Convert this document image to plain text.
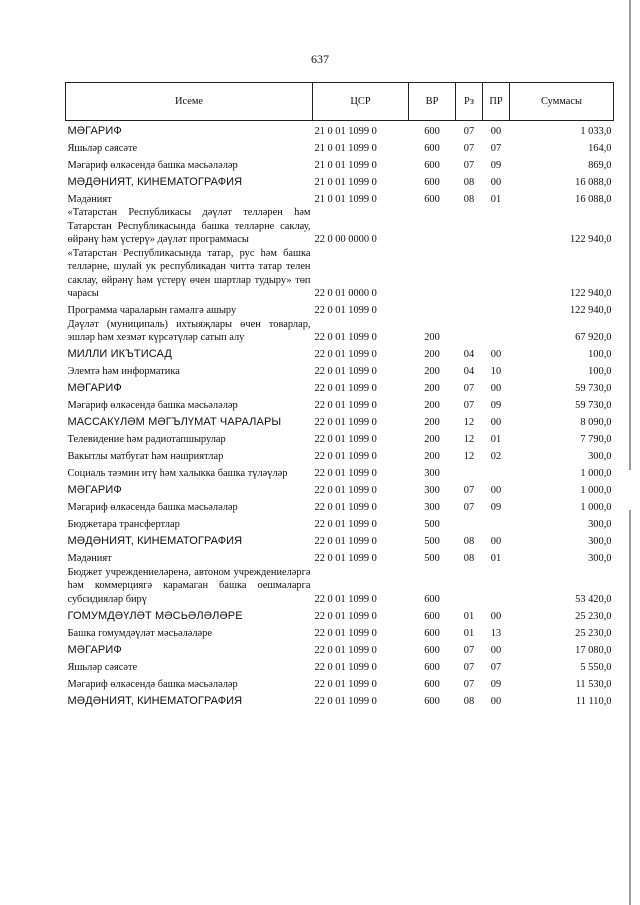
637
Исеме	ЦСР	ВР	Рз	ПР	Суммасы
МӘГАРИФ	21 0 01 1099 0	600	07	00	1 033,0
Яшьләр сәясәте	21 0 01 1099 0	600	07	07	164,0
Мәгариф өлкәсендә башка мәсьәләләр	21 0 01 1099 0	600	07	09	869,0
МӘДӘНИЯТ, КИНЕМАТОГРАФИЯ	21 0 01 1099 0	600	08	00	16 088,0
Мәдәният	21 0 01 1099 0	600	08	01	16 088,0
«Татарстан Республикасы дәүләт телләрен һәм Татарстан Республикасында башка телләрне саклау, өйрәнү һәм үстерү» дәүләт программасы	22 0 00 0000 0				122 940,0
«Татарстан Республикасында татар, рус һәм башка телләрне, шулай ук республикадан читтә татар телен саклау, өйрәнү һәм үстерү өчен шартлар тудыру» төп чарасы	22 0 01 0000 0				122 940,0
Программа чараларын гамәлгә ашыру	22 0 01 1099 0				122 940,0
Дәүләт (муниципаль) ихтыяҗлары өчен товарлар, эшләр һәм хезмәт күрсәтүләр сатып алу	22 0 01 1099 0	200			67 920,0
МИЛЛИ ИКЪТИСАД	22 0 01 1099 0	200	04	00	100,0
Элемтә һәм информатика	22 0 01 1099 0	200	04	10	100,0
МӘГАРИФ	22 0 01 1099 0	200	07	00	59 730,0
Мәгариф өлкәсендә башка мәсьәләләр	22 0 01 1099 0	200	07	09	59 730,0
МАССАКҮЛӘМ МӘГЪЛҮМАТ ЧАРАЛАРЫ	22 0 01 1099 0	200	12	00	8 090,0
Телевидение һәм радиотапшырулар	22 0 01 1099 0	200	12	01	7 790,0
Вакытлы матбугат һәм нәшриятлар	22 0 01 1099 0	200	12	02	300,0
Социаль тәэмин итү һәм халыкка башка түләүләр	22 0 01 1099 0	300			1 000,0
МӘГАРИФ	22 0 01 1099 0	300	07	00	1 000,0
Мәгариф өлкәсендә башка мәсьәләләр	22 0 01 1099 0	300	07	09	1 000,0
Бюджетара трансфертлар	22 0 01 1099 0	500			300,0
МӘДӘНИЯТ, КИНЕМАТОГРАФИЯ	22 0 01 1099 0	500	08	00	300,0
Мәдәният	22 0 01 1099 0	500	08	01	300,0
Бюджет учреждениеләренә, автоном учреждениеләргә һәм коммерциягә карамаган башка оешмаларга субсидияләр бирү	22 0 01 1099 0	600			53 420,0
ГОМУМДӘҮЛӘТ МӘСЬӘЛӘЛӘРЕ	22 0 01 1099 0	600	01	00	25 230,0
Башка гомумдәүләт мәсьәләләре	22 0 01 1099 0	600	01	13	25 230,0
МӘГАРИФ	22 0 01 1099 0	600	07	00	17 080,0
Яшьләр сәясәте	22 0 01 1099 0	600	07	07	5 550,0
Мәгариф өлкәсендә башка мәсьәләләр	22 0 01 1099 0	600	07	09	11 530,0
МӘДӘНИЯТ, КИНЕМАТОГРАФИЯ	22 0 01 1099 0	600	08	00	11 110,0
